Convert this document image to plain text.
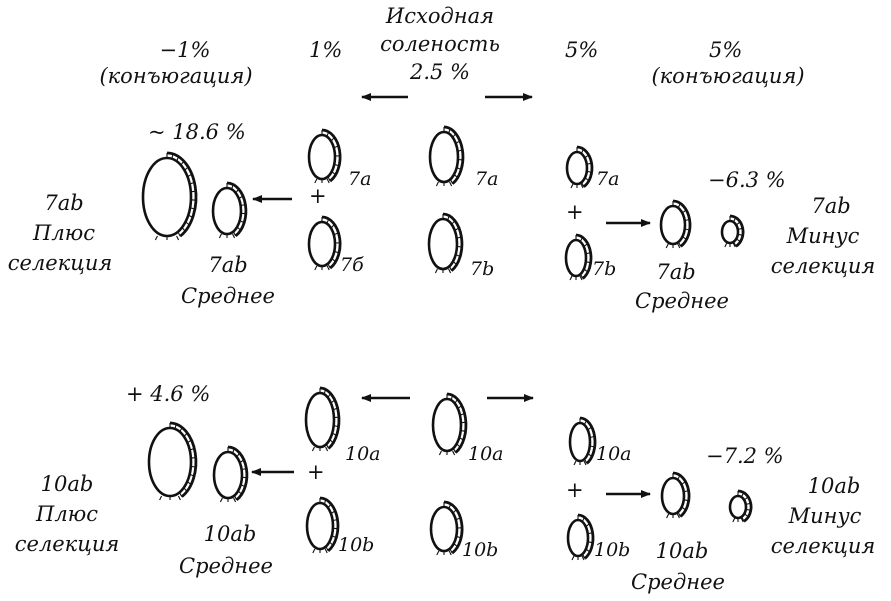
Исходная
соленость
2.5 %
−1%
(конъюгация)
1%	5%	5%
(конъюгация)
~ 18.6 %
−6.3 %
7ab
Плюс
селекция	7ab
Среднее
7a
7б
+
7a
7b
7a
7b
+
7ab
Среднее
7ab
Минус
селекция
+ 4.6 %
−7.2 %
10ab
Плюс
селекция	10ab
Среднее
10a
10b
+
10a
10b
10a
10b
+
10ab
Среднее
10ab
Минус
селекция
